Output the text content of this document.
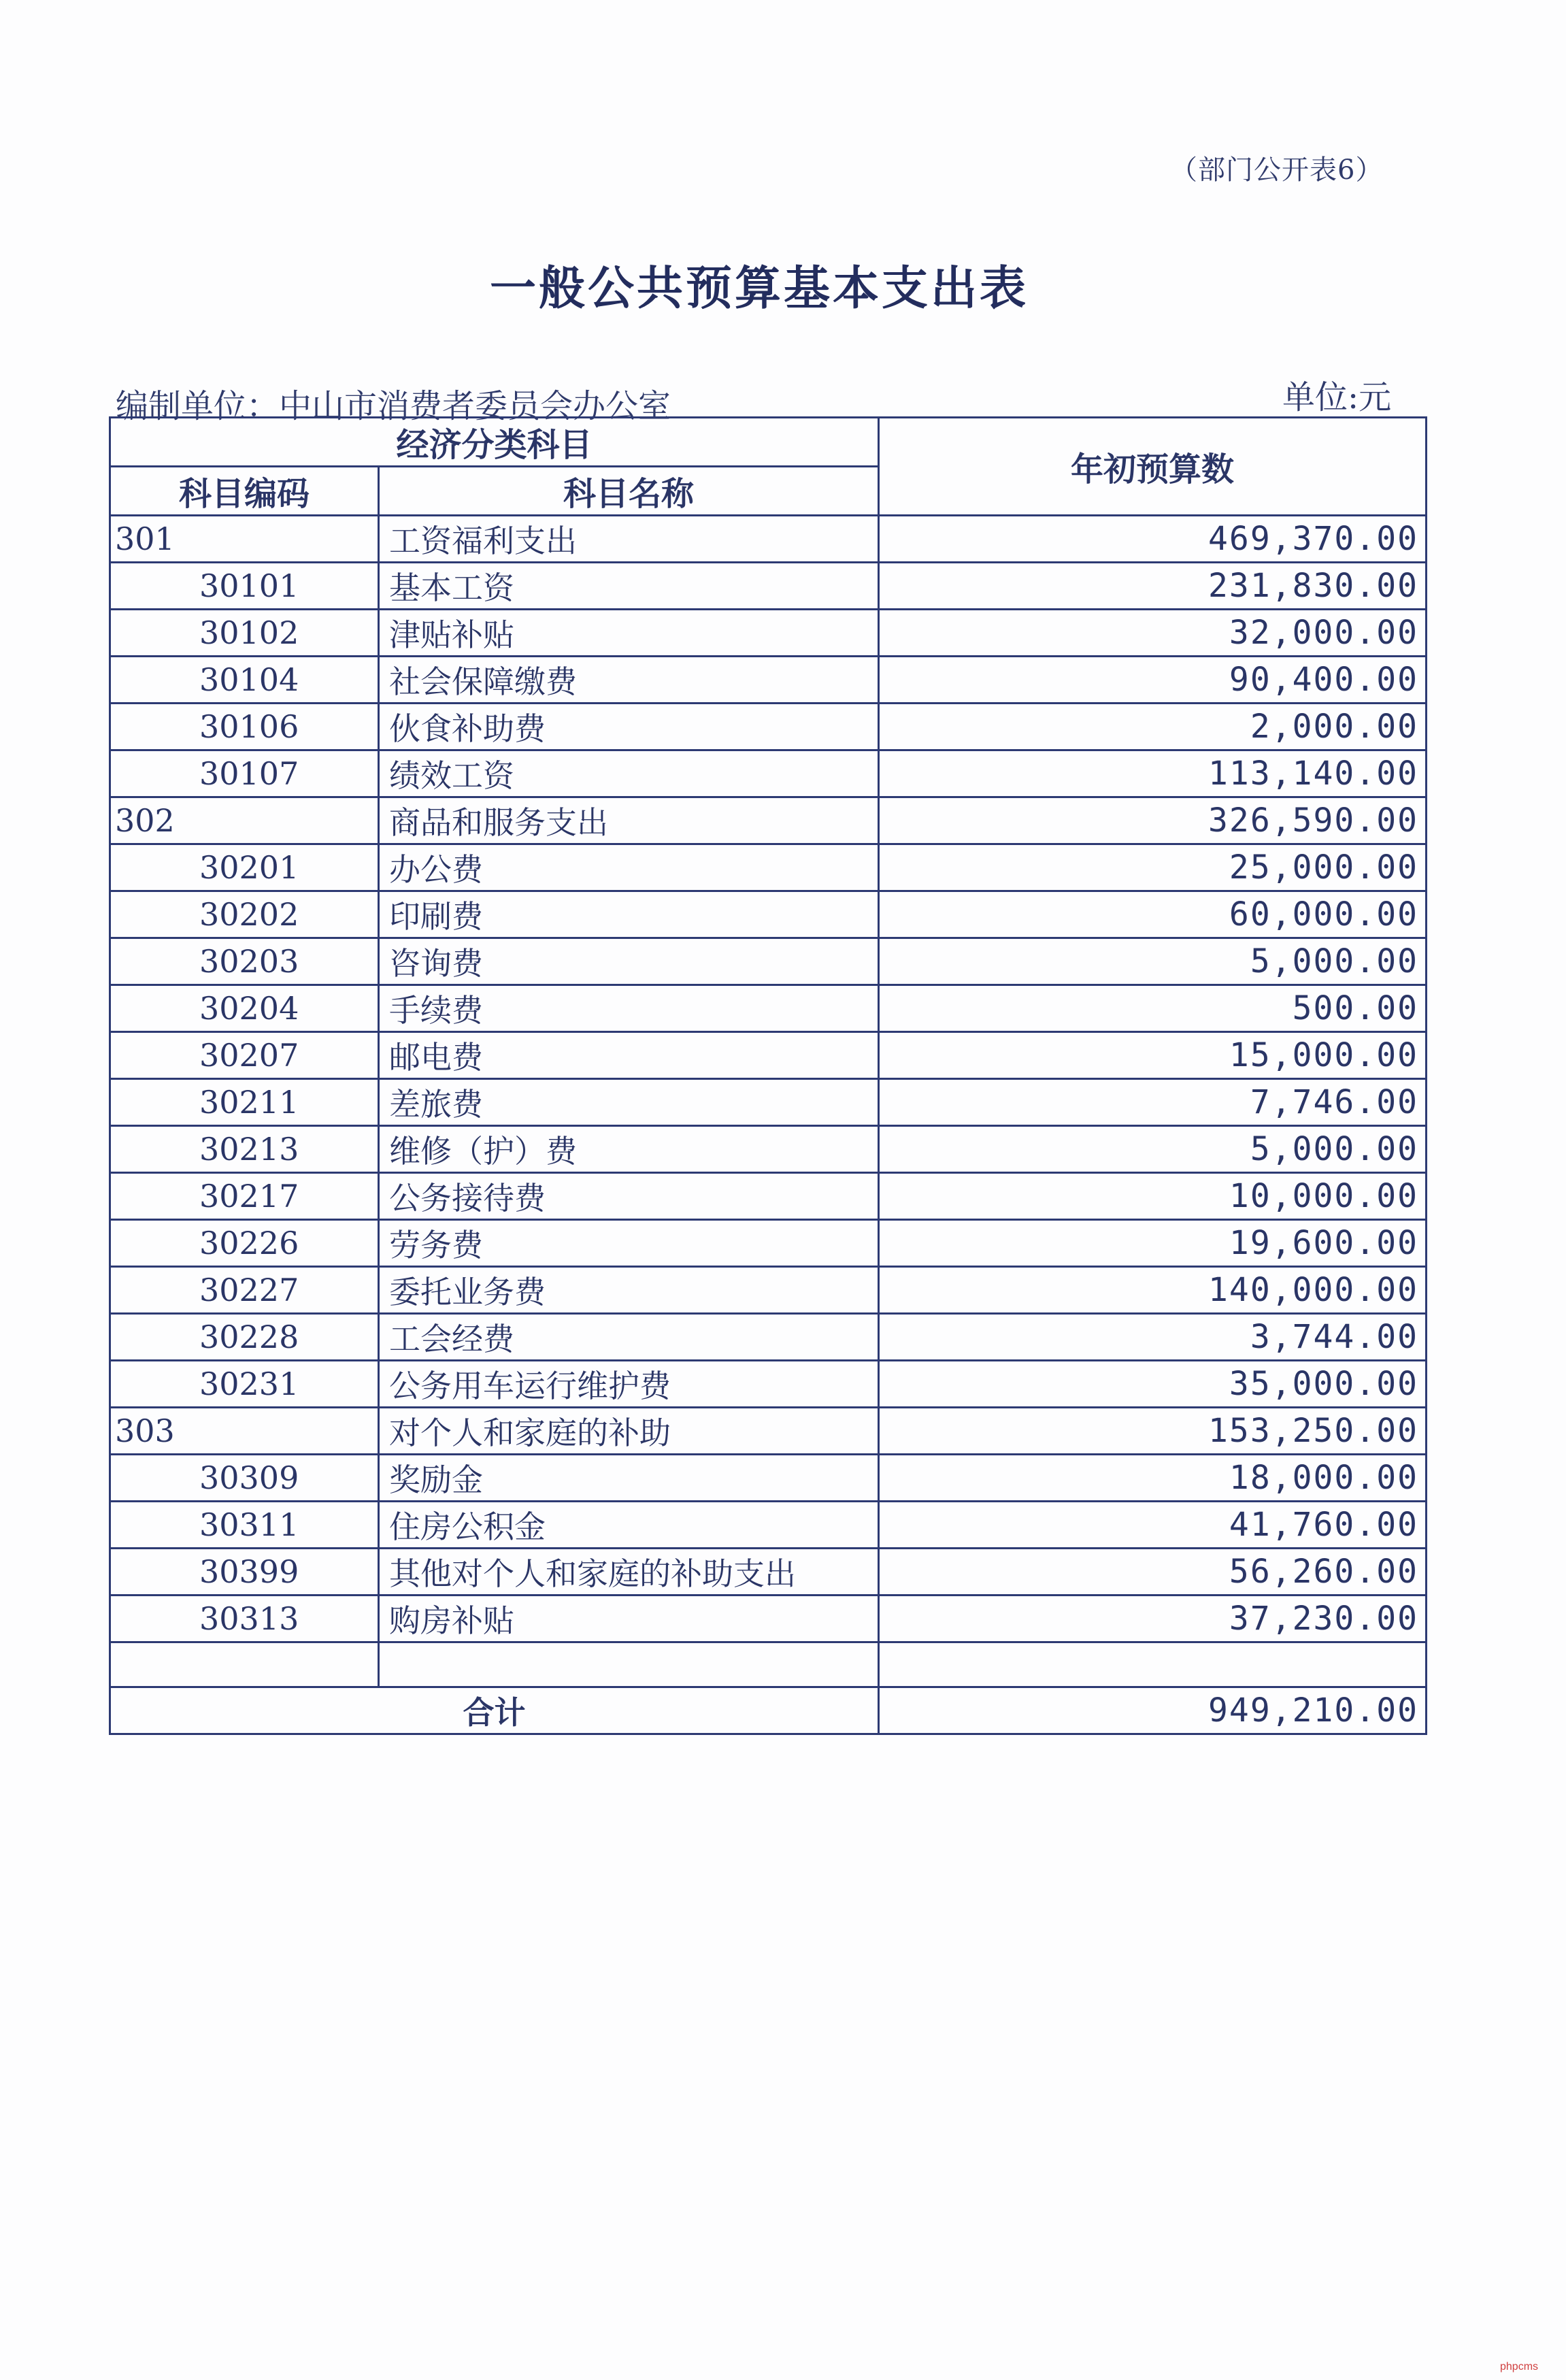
（部门公开表6）
一般公共预算基本支出表
编制单位：中山市消费者委员会办公室	单位:元
经济分类科目		年初预算数
科目编码	科目名称	
301	工资福利支出	469,370.00
30101	基本工资	231,830.00
30102	津贴补贴	32,000.00
30104	社会保障缴费	90,400.00
30106	伙食补助费	2,000.00
30107	绩效工资	113,140.00
302	商品和服务支出	326,590.00
30201	办公费	25,000.00
30202	印刷费	60,000.00
30203	咨询费	5,000.00
30204	手续费	500.00
30207	邮电费	15,000.00
30211	差旅费	7,746.00
30213	维修（护）费	5,000.00
30217	公务接待费	10,000.00
30226	劳务费	19,600.00
30227	委托业务费	140,000.00
30228	工会经费	3,744.00
30231	公务用车运行维护费	35,000.00
303	对个人和家庭的补助	153,250.00
30309	奖励金	18,000.00
30311	住房公积金	41,760.00
30399	其他对个人和家庭的补助支出	56,260.00
30313	购房补贴	37,230.00

合计		949,210.00
phpcms
